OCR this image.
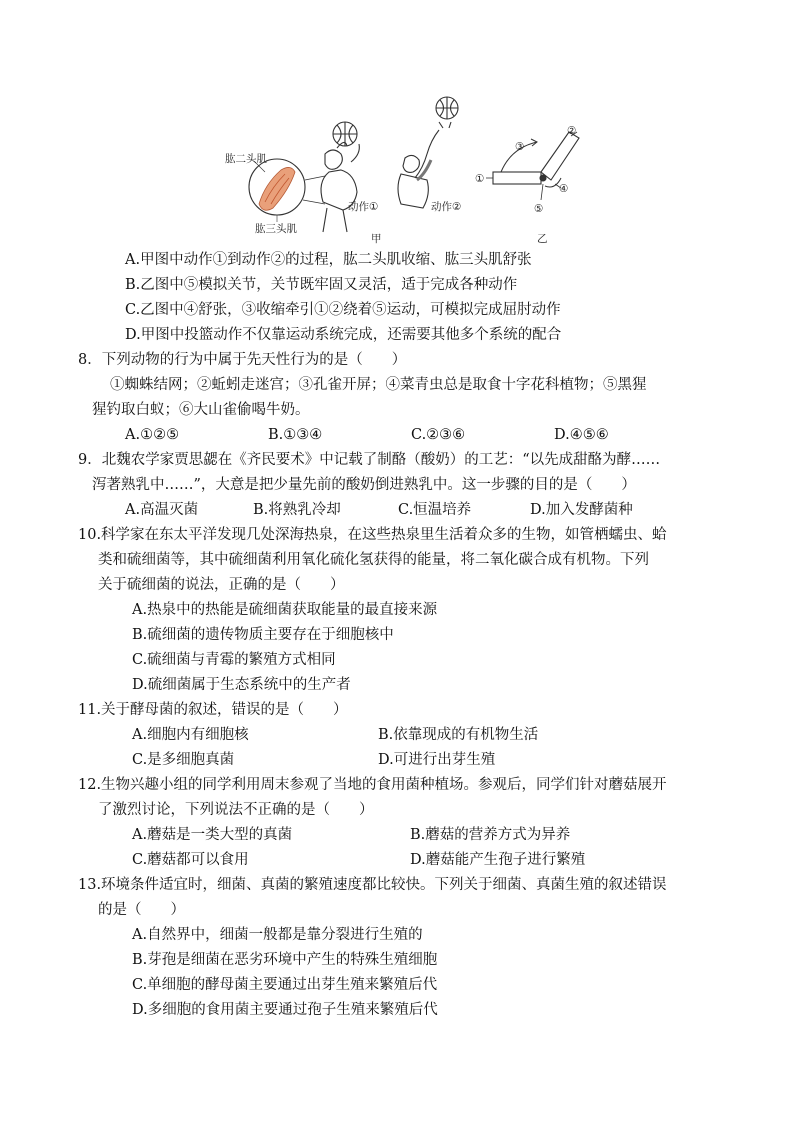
肱二头肌
肱三头肌
动作①	动作②
甲
②
③
①
④
⑤
乙
A.甲图中动作①到动作②的过程，肱二头肌收缩、肱三头肌舒张
B.乙图中⑤模拟关节，关节既牢固又灵活，适于完成各种动作
C.乙图中④舒张，③收缩牵引①②绕着⑤运动，可模拟完成屈肘动作
D.甲图中投篮动作不仅靠运动系统完成，还需要其他多个系统的配合
8．下列动物的行为中属于先天性行为的是（　　）
①蜘蛛结网；②蚯蚓走迷宫；③孔雀开屏；④菜青虫总是取食十字花科植物；⑤黑猩
猩钓取白蚁；⑥大山雀偷喝牛奶。
A.①②⑤	B.①③④	C.②③⑥	D.④⑤⑥
9．北魏农学家贾思勰在《齐民要术》中记载了制酪（酸奶）的工艺：“以先成甜酪为酵……
泻著熟乳中……”，大意是把少量先前的酸奶倒进熟乳中。这一步骤的目的是（　　）
A.高温灭菌	B.将熟乳冷却	C.恒温培养	D.加入发酵菌种
10.科学家在东太平洋发现几处深海热泉，在这些热泉里生活着众多的生物，如管栖蠕虫、蛤
类和硫细菌等，其中硫细菌利用氧化硫化氢获得的能量，将二氧化碳合成有机物。下列
关于硫细菌的说法，正确的是（　　）
A.热泉中的热能是硫细菌获取能量的最直接来源
B.硫细菌的遗传物质主要存在于细胞核中
C.硫细菌与青霉的繁殖方式相同
D.硫细菌属于生态系统中的生产者
11.关于酵母菌的叙述，错误的是（　　）
A.细胞内有细胞核	B.依靠现成的有机物生活
C.是多细胞真菌	D.可进行出芽生殖
12.生物兴趣小组的同学利用周末参观了当地的食用菌种植场。参观后，同学们针对蘑菇展开
了激烈讨论，下列说法不正确的是（　　）
A.蘑菇是一类大型的真菌	B.蘑菇的营养方式为异养
C.蘑菇都可以食用	D.蘑菇能产生孢子进行繁殖
13.环境条件适宜时，细菌、真菌的繁殖速度都比较快。下列关于细菌、真菌生殖的叙述错误
的是（　　）
A.自然界中，细菌一般都是靠分裂进行生殖的
B.芽孢是细菌在恶劣环境中产生的特殊生殖细胞
C.单细胞的酵母菌主要通过出芽生殖来繁殖后代
D.多细胞的食用菌主要通过孢子生殖来繁殖后代
